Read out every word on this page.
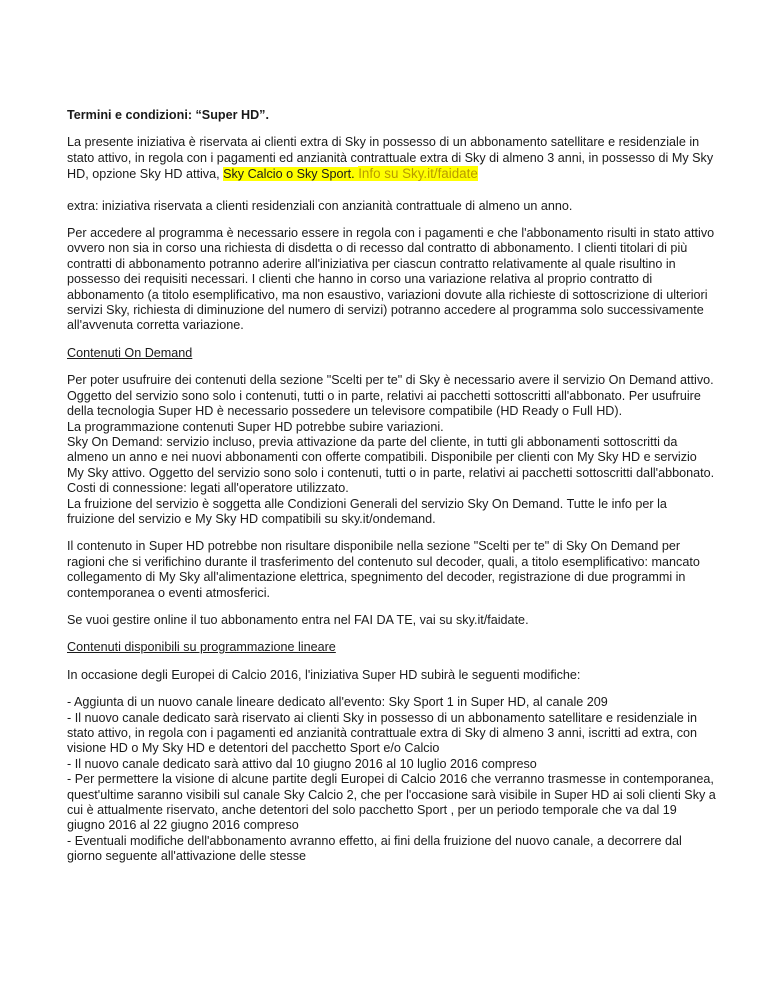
Termini e condizioni: “Super HD”.

La presente iniziativa è riservata ai clienti extra di Sky in possesso di un abbonamento satellitare e residenziale in stato attivo, in regola con i pagamenti ed anzianità contrattuale extra di Sky di almeno 3 anni, in possesso di My Sky HD, opzione Sky HD attiva, Sky Calcio o Sky Sport. Info su Sky.it/faidate

extra: iniziativa riservata a clienti residenziali con anzianità contrattuale di almeno un anno.

Per accedere al programma è necessario essere in regola con i pagamenti e che l'abbonamento risulti in stato attivo ovvero non sia in corso una richiesta di disdetta o di recesso dal contratto di abbonamento. I clienti titolari di più contratti di abbonamento potranno aderire all'iniziativa per ciascun contratto relativamente al quale risultino in possesso dei requisiti necessari. I clienti che hanno in corso una variazione relativa al proprio contratto di abbonamento (a titolo esemplificativo, ma non esaustivo, variazioni dovute alla richieste di sottoscrizione di ulteriori servizi Sky, richiesta di diminuzione del numero di servizi) potranno accedere al programma solo successivamente all'avvenuta corretta variazione.

Contenuti On Demand

Per poter usufruire dei contenuti della sezione "Scelti per te" di Sky è necessario avere il servizio On Demand attivo.
Oggetto del servizio sono solo i contenuti, tutti o in parte, relativi ai pacchetti sottoscritti all'abbonato. Per usufruire della tecnologia Super HD è necessario possedere un televisore compatibile (HD Ready o Full HD).
La programmazione contenuti Super HD potrebbe subire variazioni.
Sky On Demand: servizio incluso, previa attivazione da parte del cliente, in tutti gli abbonamenti sottoscritti da almeno un anno e nei nuovi abbonamenti con offerte compatibili. Disponibile per clienti con My Sky HD e servizio My Sky attivo. Oggetto del servizio sono solo i contenuti, tutti o in parte, relativi ai pacchetti sottoscritti dall'abbonato. Costi di connessione: legati all'operatore utilizzato.
La fruizione del servizio è soggetta alle Condizioni Generali del servizio Sky On Demand. Tutte le info per la fruizione del servizio e My Sky HD compatibili su sky.it/ondemand.

Il contenuto in Super HD potrebbe non risultare disponibile nella sezione "Scelti per te" di Sky On Demand per ragioni che si verifichino durante il trasferimento del contenuto sul decoder, quali, a titolo esemplificativo: mancato collegamento di My Sky all'alimentazione elettrica, spegnimento del decoder, registrazione di due programmi in contemporanea o eventi atmosferici.

Se vuoi gestire online il tuo abbonamento entra nel FAI DA TE, vai su sky.it/faidate.

Contenuti disponibili su programmazione lineare

In occasione degli Europei di Calcio 2016, l'iniziativa Super HD subirà le seguenti modifiche:

- Aggiunta di un nuovo canale lineare dedicato all'evento: Sky Sport 1 in Super HD, al canale 209
- Il nuovo canale dedicato sarà riservato ai clienti Sky in possesso di un abbonamento satellitare e residenziale in stato attivo, in regola con i pagamenti ed anzianità contrattuale extra di Sky di almeno 3 anni, iscritti ad extra, con visione HD o My Sky HD e detentori del pacchetto Sport e/o Calcio
- Il nuovo canale dedicato sarà attivo dal 10 giugno 2016 al 10 luglio 2016 compreso
- Per permettere la visione di alcune partite degli Europei di Calcio 2016 che verranno trasmesse in contemporanea, quest'ultime saranno visibili sul canale Sky Calcio 2, che per l'occasione sarà visibile in Super HD ai soli clienti Sky a cui è attualmente riservato, anche detentori del solo pacchetto Sport , per un periodo temporale che va dal 19 giugno 2016 al 22 giugno 2016 compreso
- Eventuali modifiche dell'abbonamento avranno effetto, ai fini della fruizione del nuovo canale, a decorrere dal giorno seguente all'attivazione delle stesse
